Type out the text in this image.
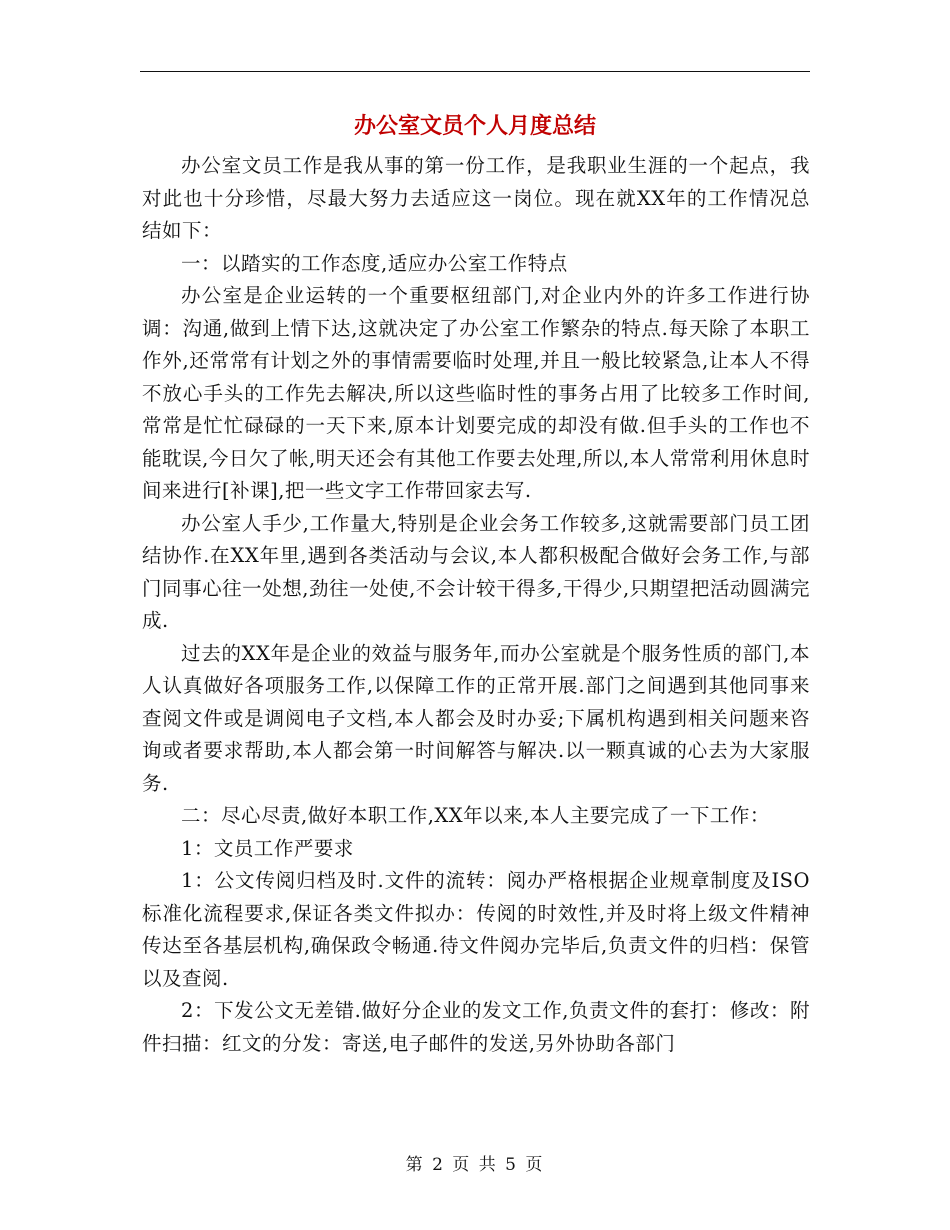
办公室文员个人月度总结

办公室文员工作是我从事的第一份工作，是我职业生涯的一个起点，我对此也十分珍惜，尽最大努力去适应这一岗位。现在就XX年的工作情况总结如下：

一：以踏实的工作态度,适应办公室工作特点

办公室是企业运转的一个重要枢纽部门,对企业内外的许多工作进行协调：沟通,做到上情下达,这就决定了办公室工作繁杂的特点.每天除了本职工作外,还常常有计划之外的事情需要临时处理,并且一般比较紧急,让本人不得不放心手头的工作先去解决,所以这些临时性的事务占用了比较多工作时间,常常是忙忙碌碌的一天下来,原本计划要完成的却没有做.但手头的工作也不能耽误,今日欠了帐,明天还会有其他工作要去处理,所以,本人常常利用休息时间来进行[补课],把一些文字工作带回家去写.

办公室人手少,工作量大,特别是企业会务工作较多,这就需要部门员工团结协作.在XX年里,遇到各类活动与会议,本人都积极配合做好会务工作,与部门同事心往一处想,劲往一处使,不会计较干得多,干得少,只期望把活动圆满完成.

过去的XX年是企业的效益与服务年,而办公室就是个服务性质的部门,本人认真做好各项服务工作,以保障工作的正常开展.部门之间遇到其他同事来查阅文件或是调阅电子文档,本人都会及时办妥;下属机构遇到相关问题来咨询或者要求帮助,本人都会第一时间解答与解决.以一颗真诚的心去为大家服务.

二：尽心尽责,做好本职工作,XX年以来,本人主要完成了一下工作：

1：文员工作严要求

1：公文传阅归档及时.文件的流转：阅办严格根据企业规章制度及ISO标准化流程要求,保证各类文件拟办：传阅的时效性,并及时将上级文件精神传达至各基层机构,确保政令畅通.待文件阅办完毕后,负责文件的归档：保管以及查阅.

2：下发公文无差错.做好分企业的发文工作,负责文件的套打：修改：附件扫描：红文的分发：寄送,电子邮件的发送,另外协助各部门

第 2 页 共 5 页
